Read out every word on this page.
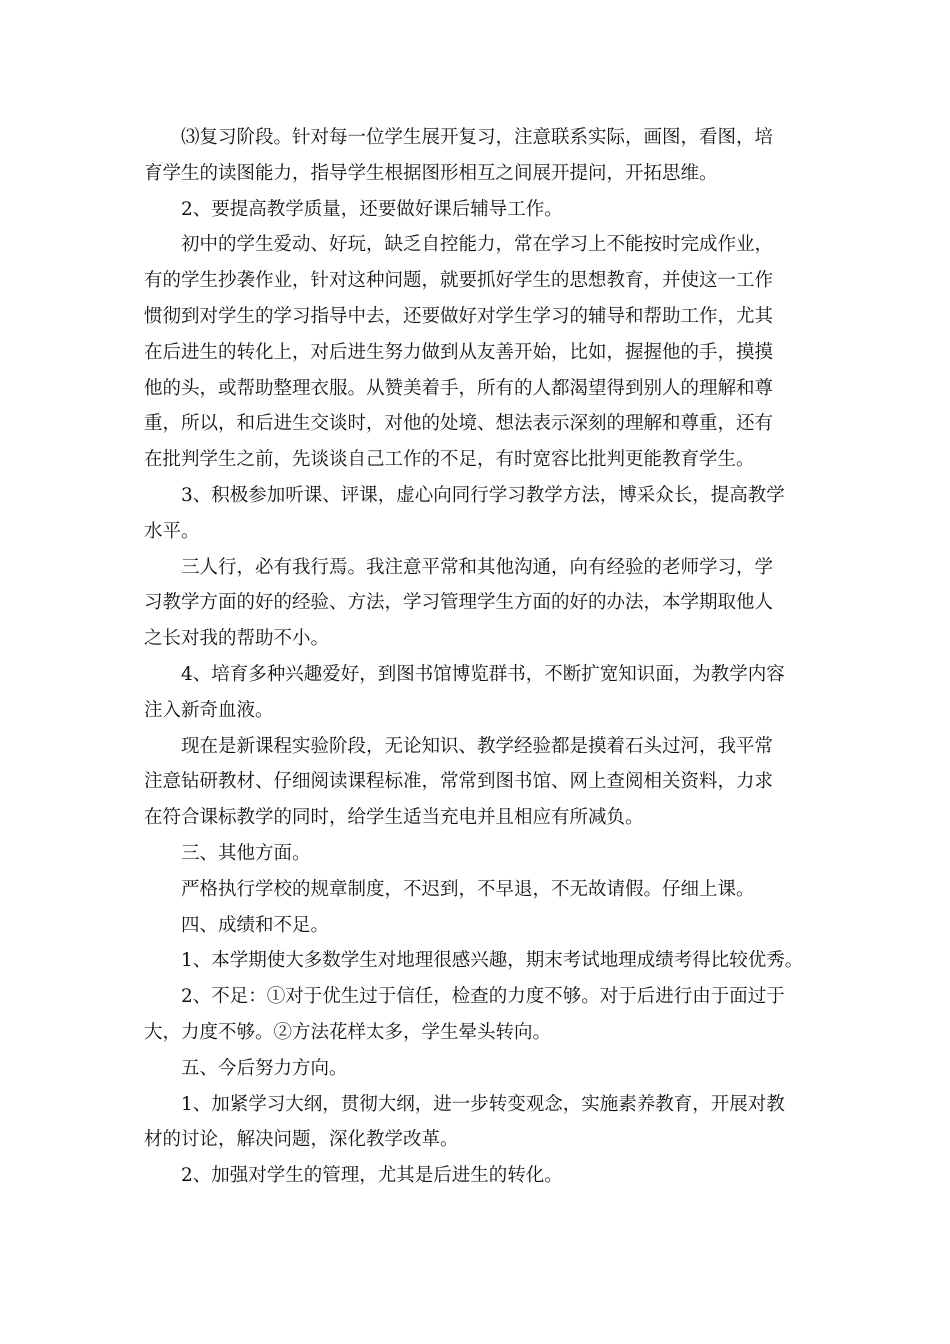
⑶复习阶段。针对每一位学生展开复习，注意联系实际，画图，看图，培
育学生的读图能力，指导学生根据图形相互之间展开提问，开拓思维。

2、要提高教学质量，还要做好课后辅导工作。

初中的学生爱动、好玩，缺乏自控能力，常在学习上不能按时完成作业，
有的学生抄袭作业，针对这种问题，就要抓好学生的思想教育，并使这一工作
惯彻到对学生的学习指导中去，还要做好对学生学习的辅导和帮助工作，尤其
在后进生的转化上，对后进生努力做到从友善开始，比如，握握他的手，摸摸
他的头，或帮助整理衣服。从赞美着手，所有的人都渴望得到别人的理解和尊
重，所以，和后进生交谈时，对他的处境、想法表示深刻的理解和尊重，还有
在批判学生之前，先谈谈自己工作的不足，有时宽容比批判更能教育学生。

3、积极参加听课、评课，虚心向同行学习教学方法，博采众长，提高教学
水平。

三人行，必有我行焉。我注意平常和其他沟通，向有经验的老师学习，学
习教学方面的好的经验、方法，学习管理学生方面的好的办法，本学期取他人
之长对我的帮助不小。

4、培育多种兴趣爱好，到图书馆博览群书，不断扩宽知识面，为教学内容
注入新奇血液。

现在是新课程实验阶段，无论知识、教学经验都是摸着石头过河，我平常
注意钻研教材、仔细阅读课程标准，常常到图书馆、网上查阅相关资料，力求
在符合课标教学的同时，给学生适当充电并且相应有所减负。

三、其他方面。

严格执行学校的规章制度，不迟到，不早退，不无故请假。仔细上课。

四、成绩和不足。

1、本学期使大多数学生对地理很感兴趣，期末考试地理成绩考得比较优秀。

2、不足：①对于优生过于信任，检查的力度不够。对于后进行由于面过于
大，力度不够。②方法花样太多，学生晕头转向。

五、今后努力方向。

1、加紧学习大纲，贯彻大纲，进一步转变观念，实施素养教育，开展对教
材的讨论，解决问题，深化教学改革。

2、加强对学生的管理，尤其是后进生的转化。
